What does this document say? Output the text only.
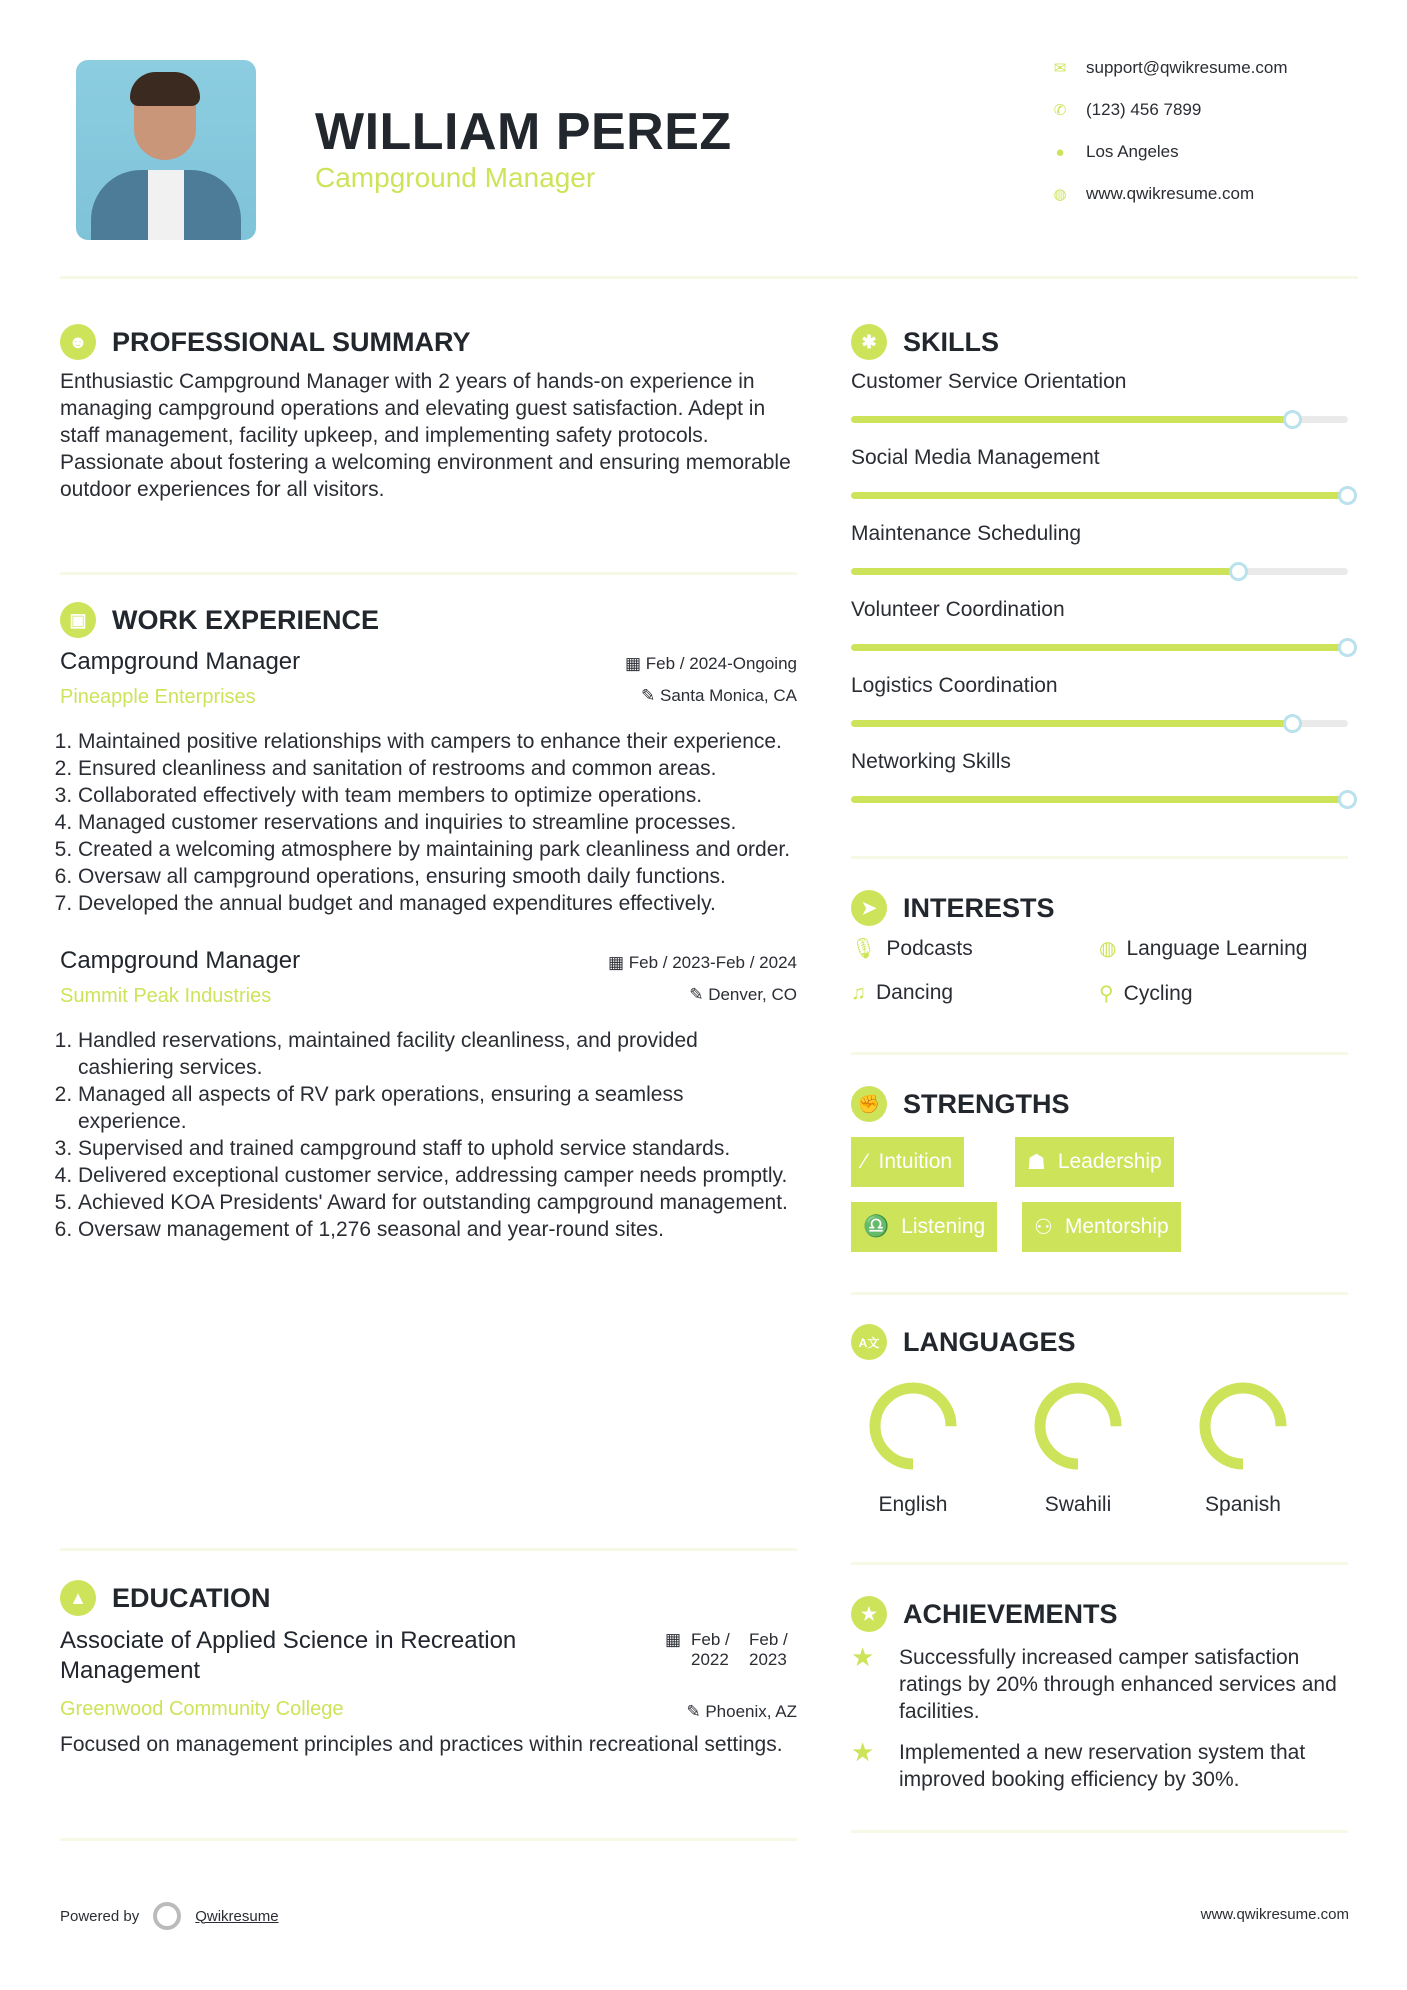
WILLIAM PEREZ
Campground Manager
✉ support@qwikresume.com
✆ (123) 456 7899
● Los Angeles
◍ www.qwikresume.com
☻ PROFESSIONAL SUMMARY

Enthusiastic Campground Manager with 2 years of hands-on experience in managing campground operations and elevating guest satisfaction. Adept in staff management, facility upkeep, and implementing safety protocols. Passionate about fostering a welcoming environment and ensuring memorable outdoor experiences for all visitors.

▣ WORK EXPERIENCE
Campground Manager
Pineapple Enterprises
▦ Feb / 2024-Ongoing
✎ Santa Monica, CA
1. Maintained positive relationships with campers to enhance their experience.
2. Ensured cleanliness and sanitation of restrooms and common areas.
3. Collaborated effectively with team members to optimize operations.
4. Managed customer reservations and inquiries to streamline processes.
5. Created a welcoming atmosphere by maintaining park cleanliness and order.
6. Oversaw all campground operations, ensuring smooth daily functions.
7. Developed the annual budget and managed expenditures effectively.
Campground Manager
Summit Peak Industries
▦ Feb / 2023-Feb / 2024
✎ Denver, CO
1. Handled reservations, maintained facility cleanliness, and provided cashiering services.
2. Managed all aspects of RV park operations, ensuring a seamless experience.
3. Supervised and trained campground staff to uphold service standards.
4. Delivered exceptional customer service, addressing camper needs promptly.
5. Achieved KOA Presidents' Award for outstanding campground management.
6. Oversaw management of 1,276 seasonal and year-round sites.
▲ EDUCATION
Associate of Applied Science in Recreation Management
▦ Feb / 2022
Feb / 2023
Greenwood Community College	✎ Phoenix, AZ

Focused on management principles and practices within recreational settings.

✱ SKILLS
Customer Service Orientation
Social Media Management
Maintenance Scheduling
Volunteer Coordination
Logistics Coordination
Networking Skills
➤ INTERESTS
🎙 Podcasts	◍ Language Learning
♫ Dancing	⚲ Cycling
✊ STRENGTHS
⁄ Intuition	☗ Leadership
♎ Listening ⚇ Mentorship
A文 LANGUAGES
English	Swahili	Spanish
★ ACHIEVEMENTS
★	Successfully increased camper satisfaction ratings by 20% through enhanced services and facilities.
★	Implemented a new reservation system that improved booking efficiency by 30%.
Powered by	Qwikresume	www.qwikresume.com
